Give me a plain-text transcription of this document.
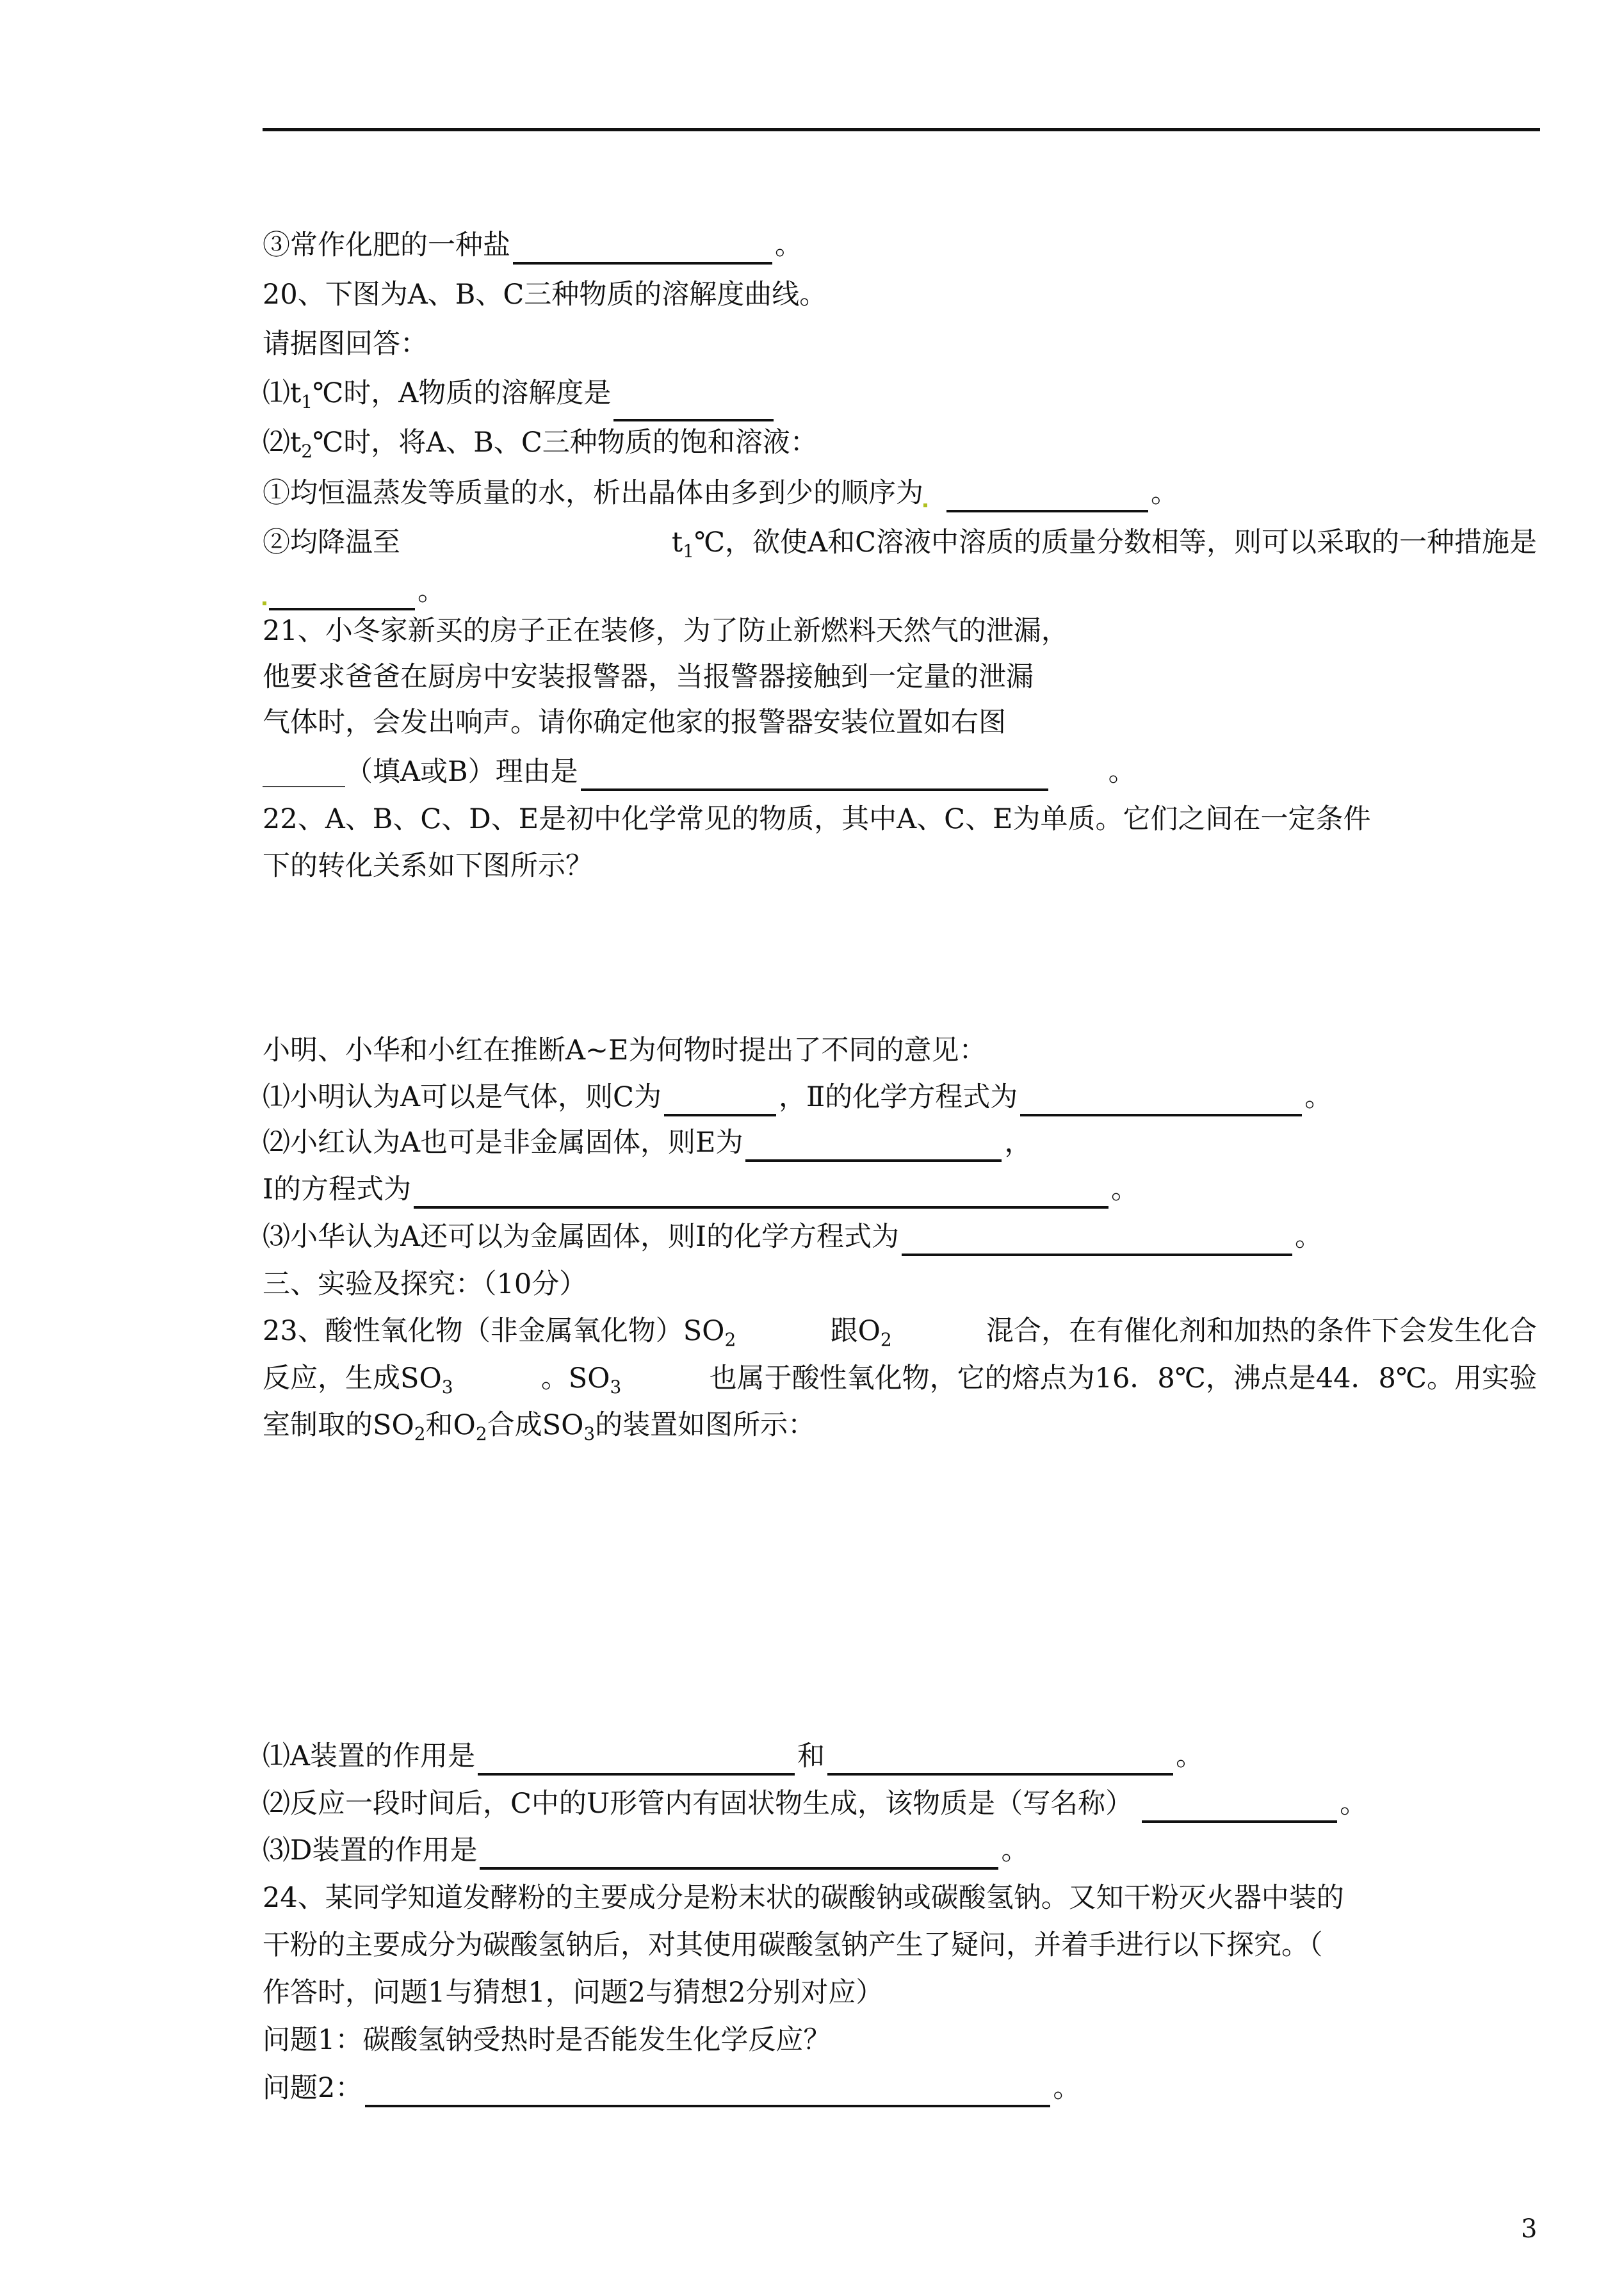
③常作化肥的一种盐	。
20、下图为A、B、C三种物质的溶解度曲线。
请据图回答：
$⑴t_1℃$时，A物质的溶解度是
$⑵t_2℃$时，将A、B、C三种物质的饱和溶液：
①均恒温蒸发等质量的水，析出晶体由多到少的顺序为	。
②均降温至	$t_1℃$，欲使A和C溶液中溶质的质量分数相等，则可以采取的一种措施是
。
21、小冬家新买的房子正在装修，为了防止新燃料天然气的泄漏，
他要求爸爸在厨房中安装报警器，当报警器接触到一定量的泄漏
气体时，会发出响声。请你确定他家的报警器安装位置如右图
______（填A或B）理由是	。
22、A、B、C、D、E是初中化学常见的物质，其中A、C、E为单质。它们之间在一定条件
下的转化关系如下图所示？
小明、小华和小红在推断A~E为何物时提出了不同的意见：
⑴小明认为A可以是气体，则C为	，Ⅱ的化学方程式为	。
⑵小红认为A也可是非金属固体，则E为	，
Ⅰ的方程式为	。
⑶小华认为A还可以为金属固体，则Ⅰ的化学方程式为	。
三、实验及探究：（10分）
23、酸性氧化物（非金属氧化物）$SO_2$	跟$O_2$	混合，在有催化剂和加热的条件下会发生化合
反应，生成$SO_3$	。$SO_3$	也属于酸性氧化物，它的熔点为16．8℃，沸点是44．8℃。用实验
室制取的$SO_2$和$O_2$合成$SO_3$的装置如图所示：
⑴A装置的作用是	和	。
⑵反应一段时间后，C中的U形管内有固状物生成，该物质是（写名称）	。
⑶D装置的作用是	。
24、某同学知道发酵粉的主要成分是粉末状的碳酸钠或碳酸氢钠。又知干粉灭火器中装的
干粉的主要成分为碳酸氢钠后，对其使用碳酸氢钠产生了疑问，并着手进行以下探究。（
作答时，问题1与猜想1，问题2与猜想2分别对应）
问题1：碳酸氢钠受热时是否能发生化学反应？
问题2：	。
3
